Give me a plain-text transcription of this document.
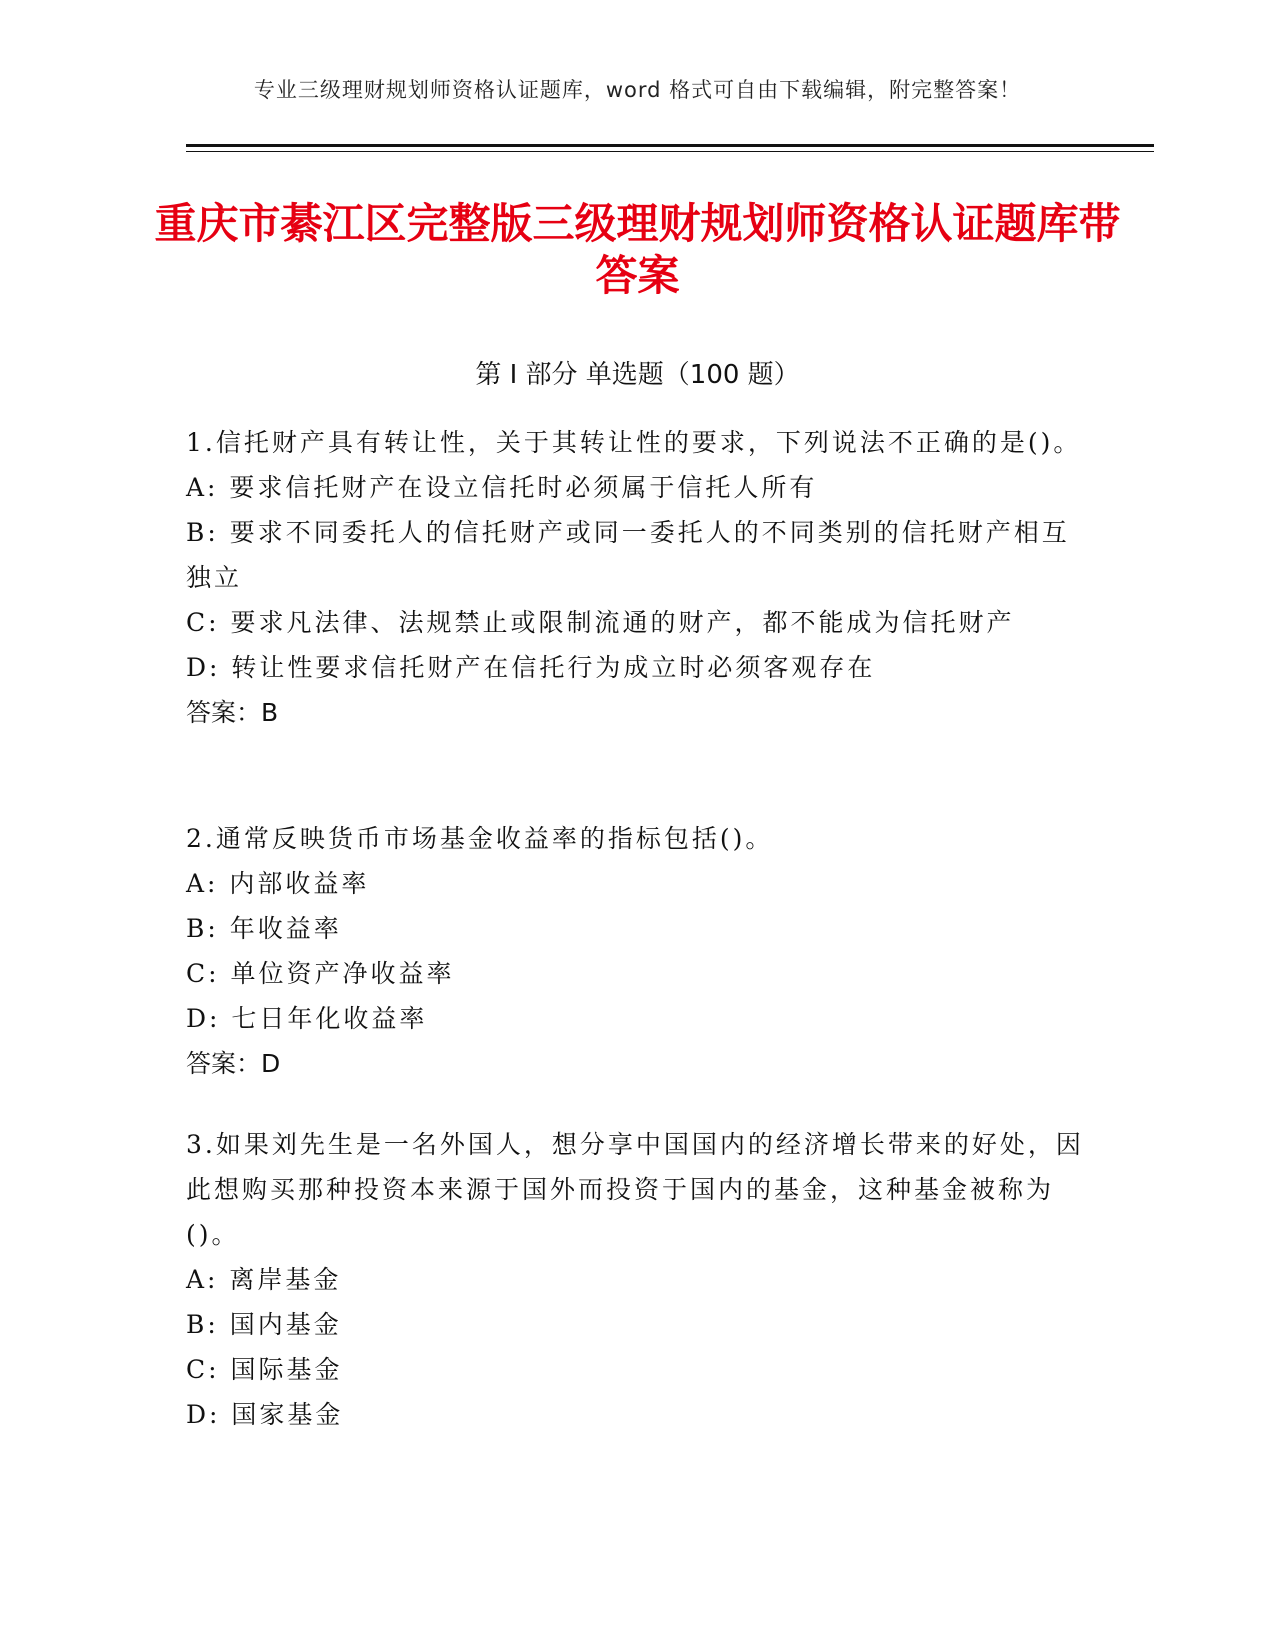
专业三级理财规划师资格认证题库，word 格式可自由下载编辑，附完整答案！
重庆市綦江区完整版三级理财规划师资格认证题库带答案
第 I 部分 单选题（100 题）

1.信托财产具有转让性，关于其转让性的要求，下列说法不正确的是()。

A: 要求信托财产在设立信托时必须属于信托人所有

B: 要求不同委托人的信托财产或同一委托人的不同类别的信托财产相互独立

C: 要求凡法律、法规禁止或限制流通的财产，都不能成为信托财产

D: 转让性要求信托财产在信托行为成立时必须客观存在

答案：B

2.通常反映货币市场基金收益率的指标包括()。

A: 内部收益率

B: 年收益率

C: 单位资产净收益率

D: 七日年化收益率

答案：D

3.如果刘先生是一名外国人，想分享中国国内的经济增长带来的好处，因此想购买那种投资本来源于国外而投资于国内的基金，这种基金被称为()。

A: 离岸基金

B: 国内基金

C: 国际基金

D: 国家基金
